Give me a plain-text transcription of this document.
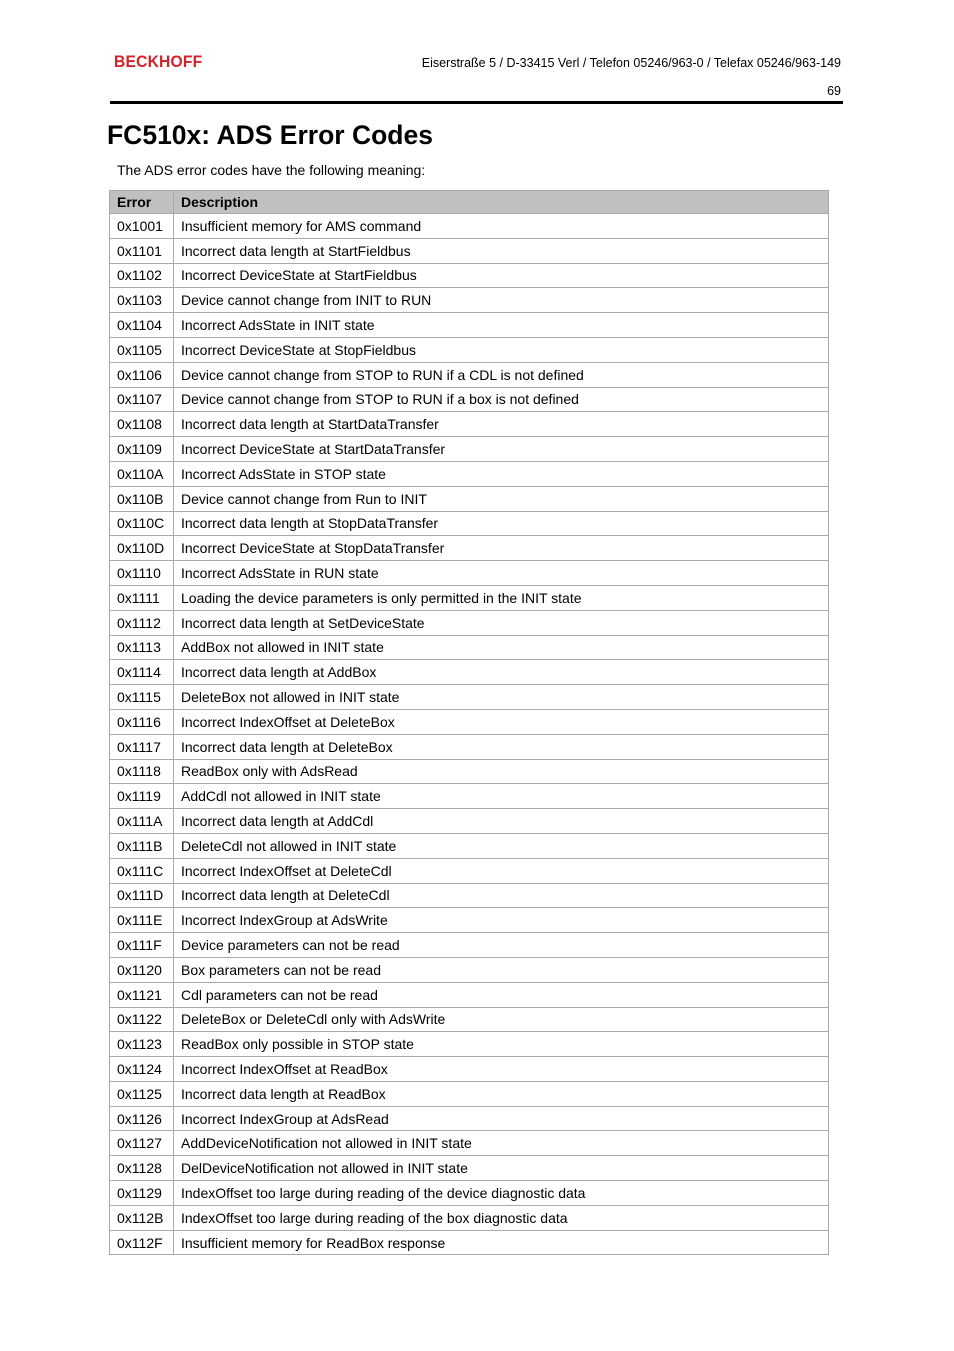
BECKHOFF	Eiserstraße 5 / D-33415 Verl / Telefon 05246/963-0 / Telefax 05246/963-149
69
FC510x: ADS Error Codes
The ADS error codes have the following meaning:
Error	Description
0x1001	Insufficient memory for AMS command
0x1101	Incorrect data length at StartFieldbus
0x1102	Incorrect DeviceState at StartFieldbus
0x1103	Device cannot change from INIT to RUN
0x1104	Incorrect AdsState in INIT state
0x1105	Incorrect DeviceState at StopFieldbus
0x1106	Device cannot change from STOP to RUN if a CDL is not defined
0x1107	Device cannot change from STOP to RUN if a box is not defined
0x1108	Incorrect data length at StartDataTransfer
0x1109	Incorrect DeviceState at StartDataTransfer
0x110A	Incorrect AdsState in STOP state
0x110B	Device cannot change from Run to INIT
0x110C	Incorrect data length at StopDataTransfer
0x110D	Incorrect DeviceState at StopDataTransfer
0x1110	Incorrect AdsState in RUN state
0x1111	Loading the device parameters is only permitted in the INIT state
0x1112	Incorrect data length at SetDeviceState
0x1113	AddBox not allowed in INIT state
0x1114	Incorrect data length at AddBox
0x1115	DeleteBox not allowed in INIT state
0x1116	Incorrect IndexOffset at DeleteBox
0x1117	Incorrect data length at DeleteBox
0x1118	ReadBox only with AdsRead
0x1119	AddCdl not allowed in INIT state
0x111A	Incorrect data length at AddCdl
0x111B	DeleteCdl not allowed in INIT state
0x111C	Incorrect IndexOffset at DeleteCdl
0x111D	Incorrect data length at DeleteCdl
0x111E	Incorrect IndexGroup at AdsWrite
0x111F	Device parameters can not be read
0x1120	Box parameters can not be read
0x1121	Cdl parameters can not be read
0x1122	DeleteBox or DeleteCdl only with AdsWrite
0x1123	ReadBox only possible in STOP state
0x1124	Incorrect IndexOffset at ReadBox
0x1125	Incorrect data length at ReadBox
0x1126	Incorrect IndexGroup at AdsRead
0x1127	AddDeviceNotification not allowed in INIT state
0x1128	DelDeviceNotification not allowed in INIT state
0x1129	IndexOffset too large during reading of the device diagnostic data
0x112B	IndexOffset too large during reading of the box diagnostic data
0x112F	Insufficient memory for ReadBox response
